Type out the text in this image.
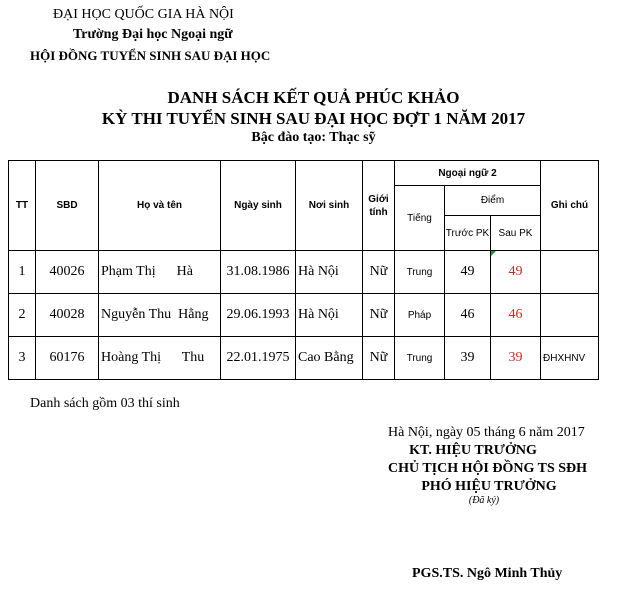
ĐẠI HỌC QUỐC GIA HÀ NỘI
Trường Đại học Ngoại ngữ
HỘI ĐỒNG TUYỂN SINH SAU ĐẠI HỌC
DANH SÁCH KẾT QUẢ PHÚC KHẢO
KỲ THI TUYỂN SINH SAU ĐẠI HỌC ĐỢT 1 NĂM 2017
Bậc đào tạo: Thạc sỹ
TT	SBD	Họ và tên	Ngày sinh	Nơi sinh	Giới tính	Ngoại ngữ 2			Ghi chú
						Tiếng	Điểm		
							Trước PK	Sau PK	
1	40026	Phạm Thị      Hà	31.08.1986	Hà Nội	Nữ	Trung	49	49	
2	40028	Nguyễn Thu  Hằng	29.06.1993	Hà Nội	Nữ	Pháp	46	46	
3	60176	Hoàng Thị      Thu	22.01.1975	Cao Bằng	Nữ	Trung	39	39	ĐHXHNV
Danh sách gồm 03 thí sinh
Hà Nội, ngày 05 tháng 6 năm 2017
KT. HIỆU TRƯỞNG
CHỦ TỊCH HỘI ĐỒNG TS SĐH
PHÓ HIỆU TRƯỞNG
(Đã ký)
PGS.TS. Ngô Minh Thủy
